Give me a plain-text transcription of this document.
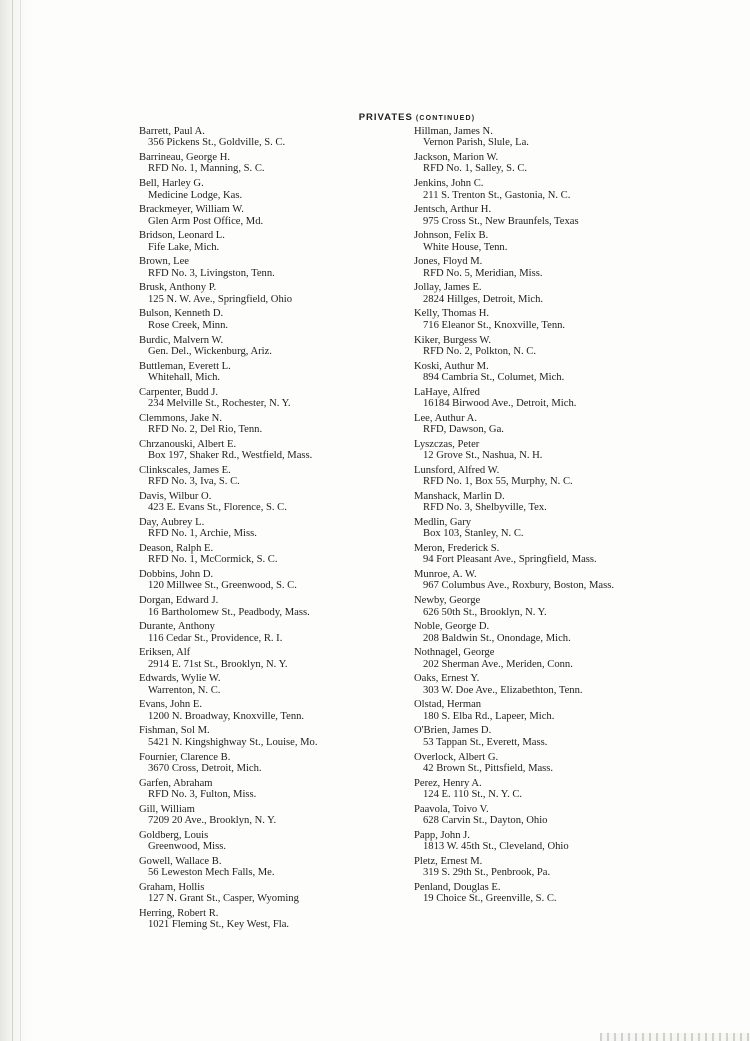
PRIVATES (CONTINUED)
Barrett, Paul A.
356 Pickens St., Goldville, S. C.
Barrineau, George H.
RFD No. 1, Manning, S. C.
Bell, Harley G.
Medicine Lodge, Kas.
Brackmeyer, William W.
Glen Arm Post Office, Md.
Bridson, Leonard L.
Fife Lake, Mich.
Brown, Lee
RFD No. 3, Livingston, Tenn.
Brusk, Anthony P.
125 N. W. Ave., Springfield, Ohio
Bulson, Kenneth D.
Rose Creek, Minn.
Burdic, Malvern W.
Gen. Del., Wickenburg, Ariz.
Buttleman, Everett L.
Whitehall, Mich.
Carpenter, Budd J.
234 Melville St., Rochester, N. Y.
Clemmons, Jake N.
RFD No. 2, Del Rio, Tenn.
Chrzanouski, Albert E.
Box 197, Shaker Rd., Westfield, Mass.
Clinkscales, James E.
RFD No. 3, Iva, S. C.
Davis, Wilbur O.
423 E. Evans St., Florence, S. C.
Day, Aubrey L.
RFD No. 1, Archie, Miss.
Deason, Ralph E.
RFD No. 1, McCormick, S. C.
Dobbins, John D.
120 Millwee St., Greenwood, S. C.
Dorgan, Edward J.
16 Bartholomew St., Peadbody, Mass.
Durante, Anthony
116 Cedar St., Providence, R. I.
Eriksen, Alf
2914 E. 71st St., Brooklyn, N. Y.
Edwards, Wylie W.
Warrenton, N. C.
Evans, John E.
1200 N. Broadway, Knoxville, Tenn.
Fishman, Sol M.
5421 N. Kingshighway St., Louise, Mo.
Fournier, Clarence B.
3670 Cross, Detroit, Mich.
Garfen, Abraham
RFD No. 3, Fulton, Miss.
Gill, William
7209 20 Ave., Brooklyn, N. Y.
Goldberg, Louis
Greenwood, Miss.
Gowell, Wallace B.
56 Leweston Mech Falls, Me.
Graham, Hollis
127 N. Grant St., Casper, Wyoming
Herring, Robert R.
1021 Fleming St., Key West, Fla.
Hillman, James N.
Vernon Parish, Slule, La.
Jackson, Marion W.
RFD No. 1, Salley, S. C.
Jenkins, John C.
211 S. Trenton St., Gastonia, N. C.
Jentsch, Arthur H.
975 Cross St., New Braunfels, Texas
Johnson, Felix B.
White House, Tenn.
Jones, Floyd M.
RFD No. 5, Meridian, Miss.
Jollay, James E.
2824 Hillges, Detroit, Mich.
Kelly, Thomas H.
716 Eleanor St., Knoxville, Tenn.
Kiker, Burgess W.
RFD No. 2, Polkton, N. C.
Koski, Authur M.
894 Cambria St., Columet, Mich.
LaHaye, Alfred
16184 Birwood Ave., Detroit, Mich.
Lee, Authur A.
RFD, Dawson, Ga.
Lyszczas, Peter
12 Grove St., Nashua, N. H.
Lunsford, Alfred W.
RFD No. 1, Box 55, Murphy, N. C.
Manshack, Marlin D.
RFD No. 3, Shelbyville, Tex.
Medlin, Gary
Box 103, Stanley, N. C.
Meron, Frederick S.
94 Fort Pleasant Ave., Springfield, Mass.
Munroe, A. W.
967 Columbus Ave., Roxbury, Boston, Mass.
Newby, George
626 50th St., Brooklyn, N. Y.
Noble, George D.
208 Baldwin St., Onondage, Mich.
Nothnagel, George
202 Sherman Ave., Meriden, Conn.
Oaks, Ernest Y.
303 W. Doe Ave., Elizabethton, Tenn.
Olstad, Herman
180 S. Elba Rd., Lapeer, Mich.
O'Brien, James D.
53 Tappan St., Everett, Mass.
Overlock, Albert G.
42 Brown St., Pittsfield, Mass.
Perez, Henry A.
124 E. 110 St., N. Y. C.
Paavola, Toivo V.
628 Carvin St., Dayton, Ohio
Papp, John J.
1813 W. 45th St., Cleveland, Ohio
Pletz, Ernest M.
319 S. 29th St., Penbrook, Pa.
Penland, Douglas E.
19 Choice St., Greenville, S. C.
